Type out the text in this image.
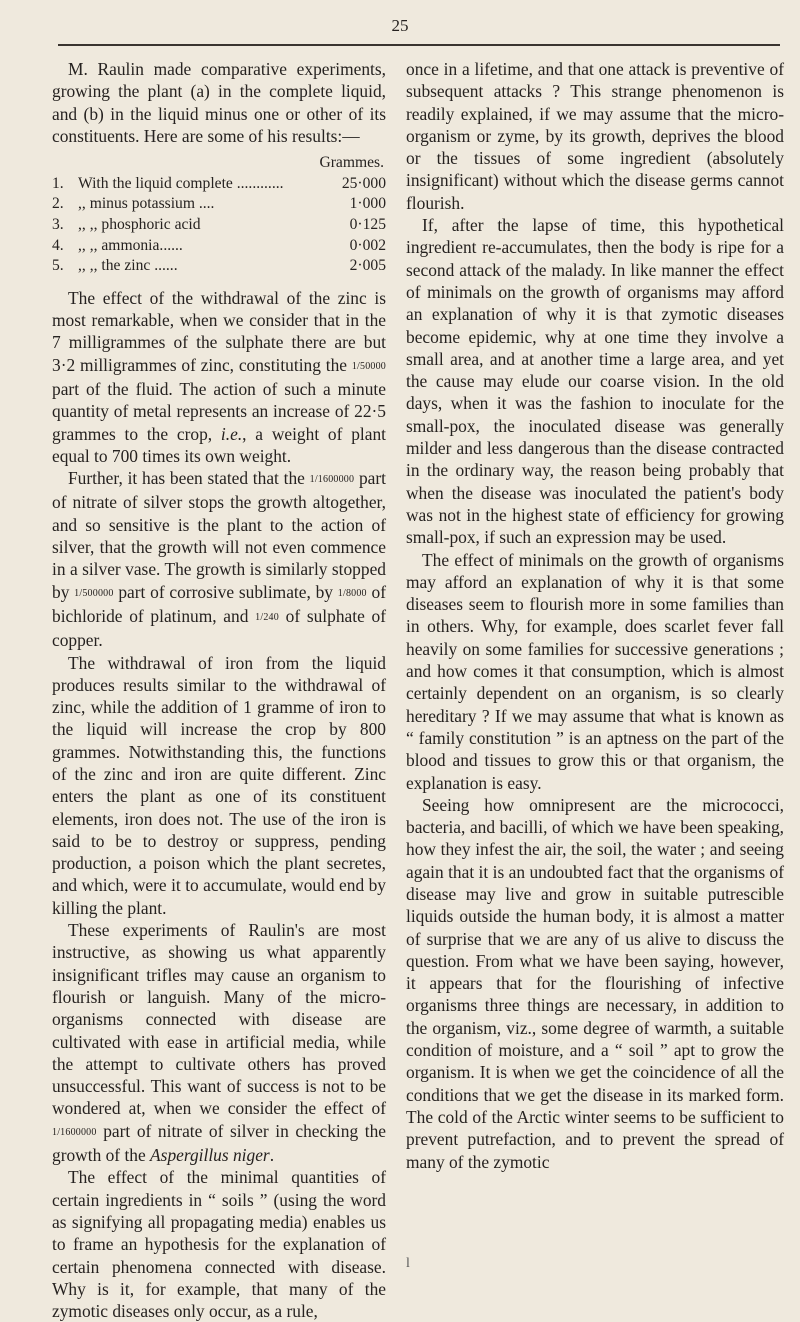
25

M. Raulin made comparative experiments, growing the plant (a) in the complete liquid, and (b) in the liquid minus one or other of its constituents. Here are some of his results:—

Grammes.
1. With the liquid complete ............	25·000
2. ,, minus potassium ....	1·000
3. ,, ,, phosphoric acid	0·125
4. ,, ,, ammonia......	0·002
5. ,, ,, the zinc ......	2·005

The effect of the withdrawal of the zinc is most remarkable, when we consider that in the 7 milligrammes of the sulphate there are but 3·2 milligrammes of zinc, constituting the 1/50000 part of the fluid. The action of such a minute quantity of metal represents an increase of 22·5 grammes to the crop, i.e., a weight of plant equal to 700 times its own weight.

Further, it has been stated that the 1/1600000 part of nitrate of silver stops the growth altogether, and so sensitive is the plant to the action of silver, that the growth will not even commence in a silver vase. The growth is similarly stopped by 1/500000 part of corrosive sublimate, by 1/8000 of bichloride of platinum, and 1/240 of sulphate of copper.

The withdrawal of iron from the liquid produces results similar to the withdrawal of zinc, while the addition of 1 gramme of iron to the liquid will increase the crop by 800 grammes. Notwithstanding this, the functions of the zinc and iron are quite different. Zinc enters the plant as one of its constituent elements, iron does not. The use of the iron is said to be to destroy or suppress, pending production, a poison which the plant secretes, and which, were it to accumulate, would end by killing the plant.

These experiments of Raulin's are most instructive, as showing us what apparently insignificant trifles may cause an organism to flourish or languish. Many of the micro-organisms connected with disease are cultivated with ease in artificial media, while the attempt to cultivate others has proved unsuccessful. This want of success is not to be wondered at, when we consider the effect of 1/1600000 part of nitrate of silver in checking the growth of the Aspergillus niger.

The effect of the minimal quantities of certain ingredients in “ soils ” (using the word as signifying all propagating media) enables us to frame an hypothesis for the explanation of certain phenomena connected with disease. Why is it, for example, that many of the zymotic diseases only occur, as a rule,

once in a lifetime, and that one attack is preventive of subsequent attacks ? This strange phenomenon is readily explained, if we may assume that the micro-organism or zyme, by its growth, deprives the blood or the tissues of some ingredient (absolutely insignificant) without which the disease germs cannot flourish.

If, after the lapse of time, this hypothetical ingredient re-accumulates, then the body is ripe for a second attack of the malady. In like manner the effect of minimals on the growth of organisms may afford an explanation of why it is that zymotic diseases become epidemic, why at one time they involve a small area, and at another time a large area, and yet the cause may elude our coarse vision. In the old days, when it was the fashion to inoculate for the small-pox, the inoculated disease was generally milder and less dangerous than the disease contracted in the ordinary way, the reason being probably that when the disease was inoculated the patient's body was not in the highest state of efficiency for growing small-pox, if such an expression may be used.

The effect of minimals on the growth of organisms may afford an explanation of why it is that some diseases seem to flourish more in some families than in others. Why, for example, does scarlet fever fall heavily on some families for successive generations ; and how comes it that consumption, which is almost certainly dependent on an organism, is so clearly hereditary ? If we may assume that what is known as “ family constitution ” is an aptness on the part of the blood and tissues to grow this or that organism, the explanation is easy.

Seeing how omnipresent are the micrococci, bacteria, and bacilli, of which we have been speaking, how they infest the air, the soil, the water ; and seeing again that it is an undoubted fact that the organisms of disease may live and grow in suitable putrescible liquids outside the human body, it is almost a matter of surprise that we are any of us alive to discuss the question. From what we have been saying, however, it appears that for the flourishing of infective organisms three things are necessary, in addition to the organism, viz., some degree of warmth, a suitable condition of moisture, and a “ soil ” apt to grow the organism. It is when we get the coincidence of all the conditions that we get the disease in its marked form. The cold of the Arctic winter seems to be sufficient to prevent putrefaction, and to prevent the spread of many of the zymotic

l
